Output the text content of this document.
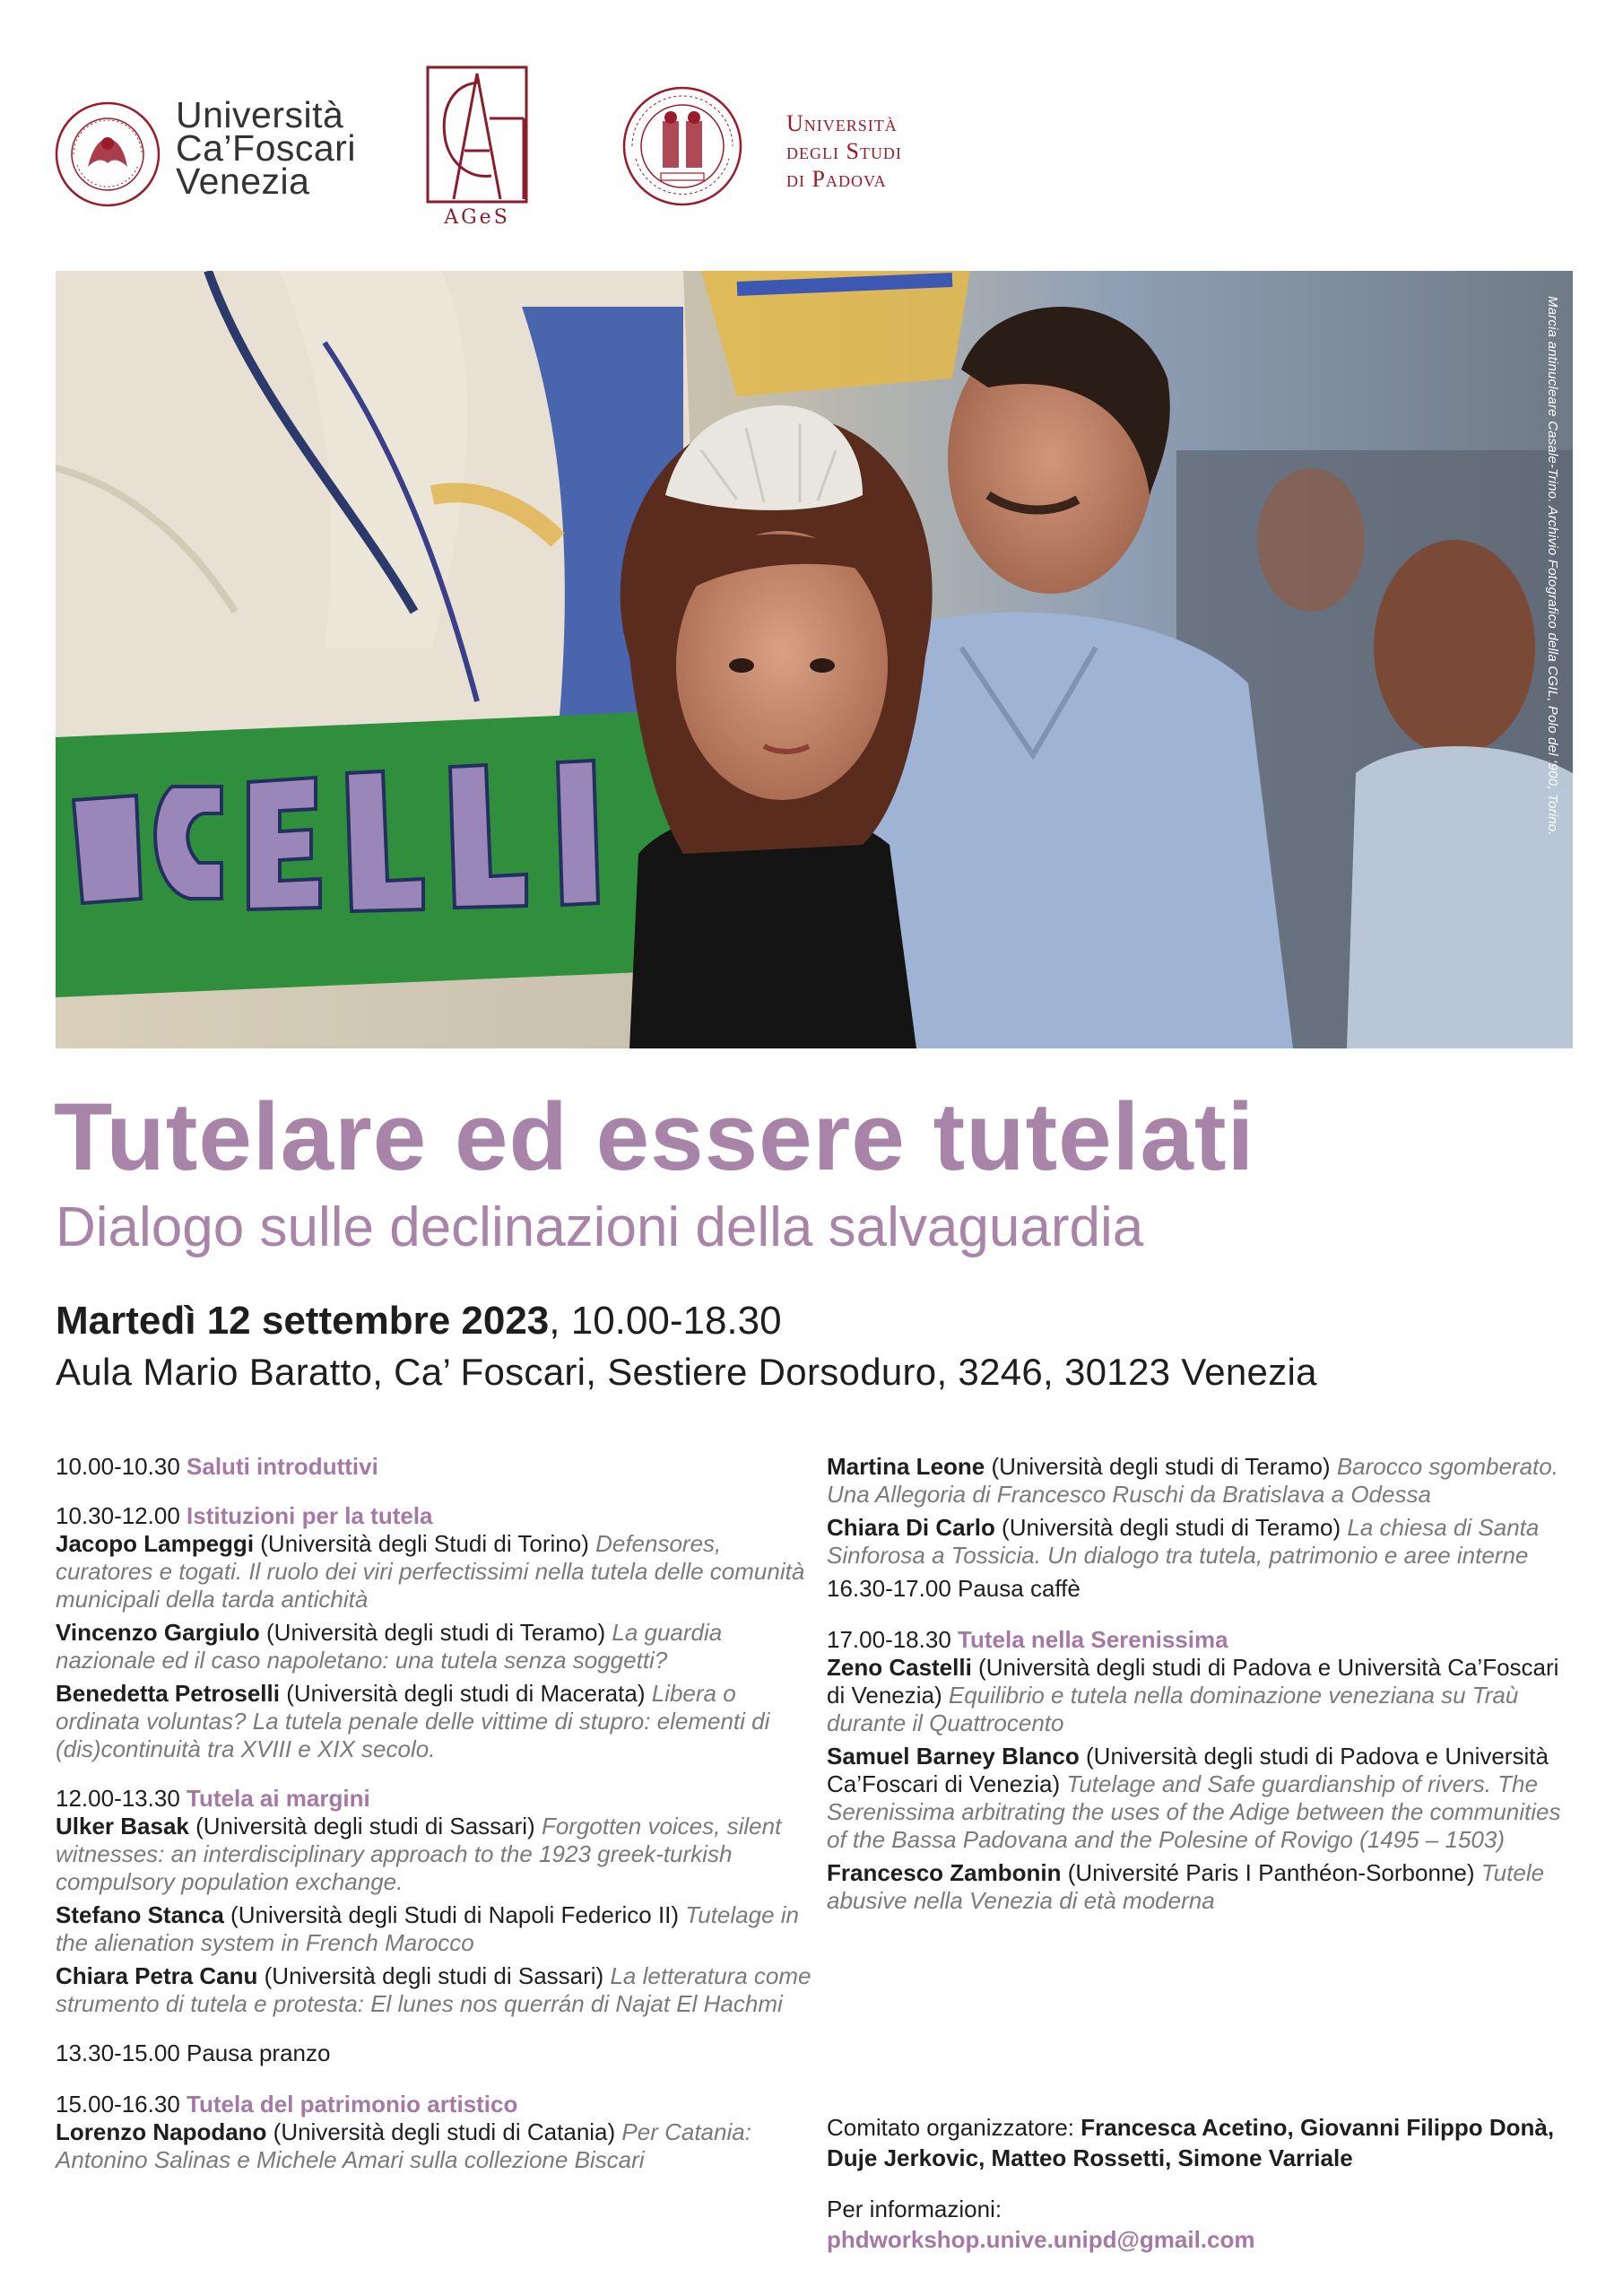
Università
Ca’Foscari
Venezia
AGeS
Università
degli Studi
di Padova
Marcia antinucleare Casale-Trino. Archivio Fotografico della CGIL, Polo del ‘900, Torino.
Tutelare ed essere tutelati
Dialogo sulle declinazioni della salvaguardia
Martedì 12 settembre 2023, 10.00-18.30
Aula Mario Baratto, Ca’ Foscari, Sestiere Dorsoduro, 3246, 30123 Venezia
10.00-10.30 Saluti introduttivi
10.30-12.00 Istituzioni per la tutela
Jacopo Lampeggi (Università degli Studi di Torino) Defensores, curatores e togati. Il ruolo dei viri perfectissimi nella tutela delle comunità municipali della tarda antichità
Vincenzo Gargiulo (Università degli studi di Teramo) La guardia nazionale ed il caso napoletano: una tutela senza soggetti?
Benedetta Petroselli (Università degli studi di Macerata) Libera o ordinata voluntas? La tutela penale delle vittime di stupro: elementi di (dis)continuità tra XVIII e XIX secolo.
12.00-13.30 Tutela ai margini
Ulker Basak (Università degli studi di Sassari) Forgotten voices, silent witnesses: an interdisciplinary approach to the 1923 greek-turkish compulsory population exchange.
Stefano Stanca (Università degli Studi di Napoli Federico II) Tutelage in the alienation system in French Marocco
Chiara Petra Canu (Università degli studi di Sassari) La letteratura come strumento di tutela e protesta: El lunes nos querrán di Najat El Hachmi
13.30-15.00 Pausa pranzo
15.00-16.30 Tutela del patrimonio artistico
Lorenzo Napodano (Università degli studi di Catania) Per Catania: Antonino Salinas e Michele Amari sulla collezione Biscari
Martina Leone (Università degli studi di Teramo) Barocco sgomberato. Una Allegoria di Francesco Ruschi da Bratislava a Odessa
Chiara Di Carlo (Università degli studi di Teramo) La chiesa di Santa Sinforosa a Tossicia. Un dialogo tra tutela, patrimonio e aree interne
16.30-17.00 Pausa caffè
17.00-18.30 Tutela nella Serenissima
Zeno Castelli (Università degli studi di Padova e Università Ca’Foscari di Venezia) Equilibrio e tutela nella dominazione veneziana su Traù durante il Quattrocento
Samuel Barney Blanco (Università degli studi di Padova e Università Ca’Foscari di Venezia) Tutelage and Safe guardianship of rivers. The Serenissima arbitrating the uses of the Adige between the communities of the Bassa Padovana and the Polesine of Rovigo (1495 – 1503)
Francesco Zambonin (Université Paris I Panthéon-Sorbonne) Tutele abusive nella Venezia di età moderna
Comitato organizzatore: Francesca Acetino, Giovanni Filippo Donà, Duje Jerkovic, Matteo Rossetti, Simone Varriale
Per informazioni:
phdworkshop.unive.unipd@gmail.com
